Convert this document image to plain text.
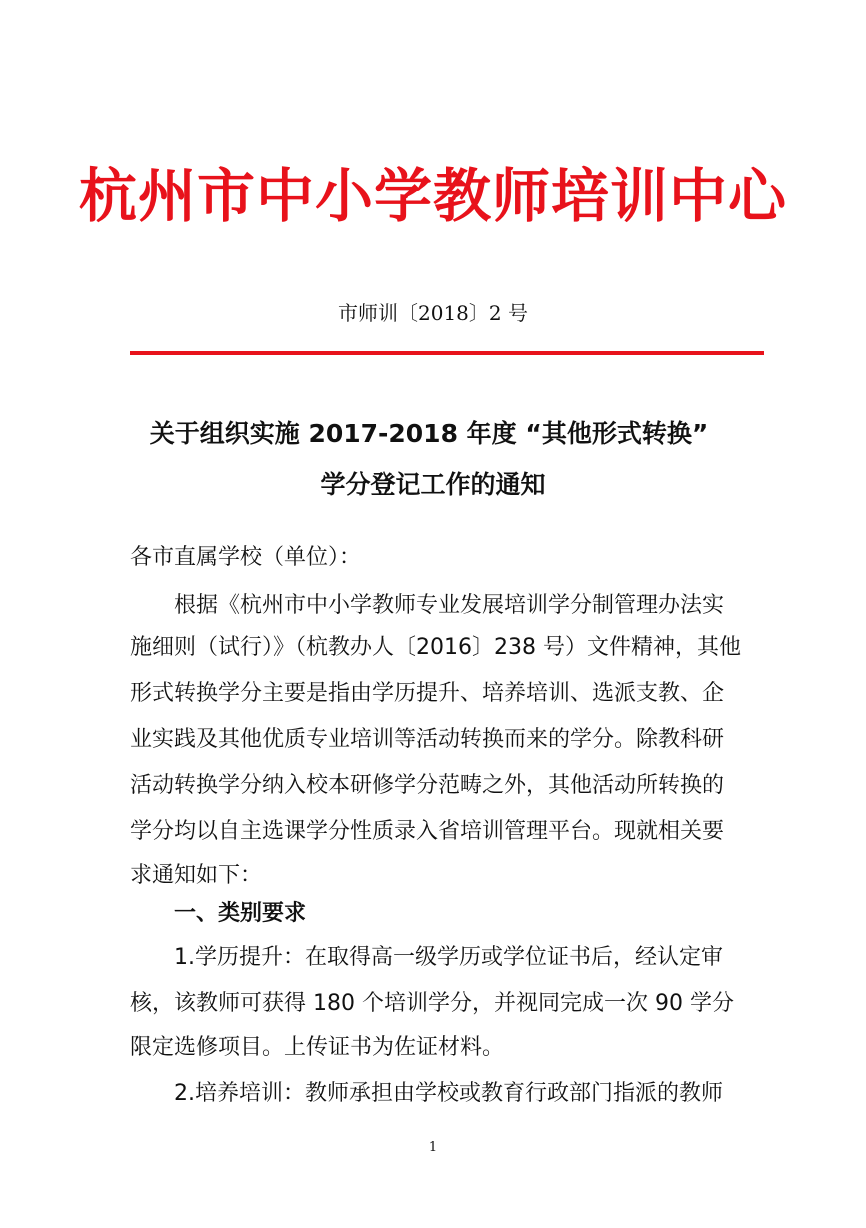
杭州市中小学教师培训中心
市师训〔2018〕2 号
关于组织实施 2017-2018 年度 “其他形式转换”
学分登记工作的通知
各市直属学校（单位）：
根据《杭州市中小学教师专业发展培训学分制管理办法实
施细则（试行）》（杭教办人〔2016〕238 号）文件精神，其他
形式转换学分主要是指由学历提升、培养培训、选派支教、企
业实践及其他优质专业培训等活动转换而来的学分。除教科研
活动转换学分纳入校本研修学分范畴之外，其他活动所转换的
学分均以自主选课学分性质录入省培训管理平台。现就相关要
求通知如下：
一、类别要求
1.学历提升：在取得高一级学历或学位证书后，经认定审
核，该教师可获得 180 个培训学分，并视同完成一次 90 学分
限定选修项目。上传证书为佐证材料。
2.培养培训：教师承担由学校或教育行政部门指派的教师
1
